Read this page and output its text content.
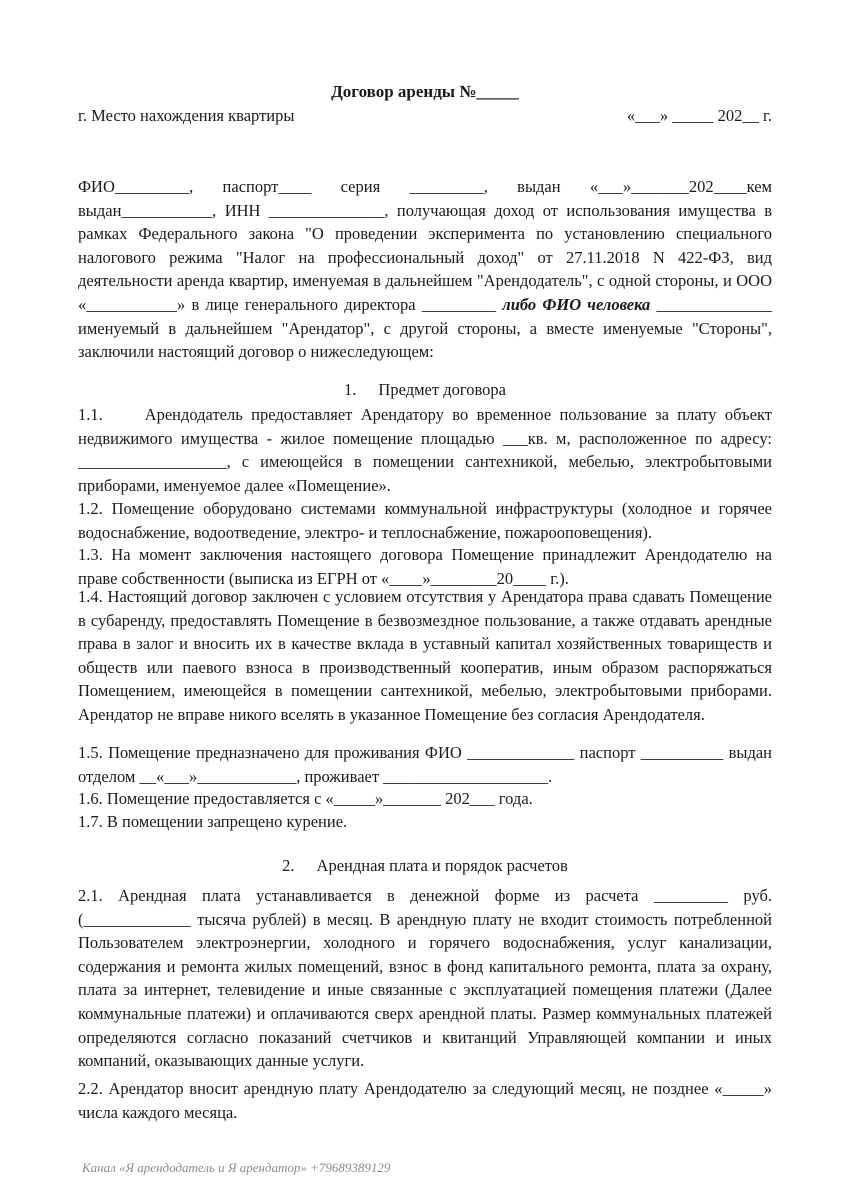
Договор аренды №_____
г. Место нахождения квартиры	«___» _____ 202__ г.
ФИО_________, паспорт____ серия _________, выдан «___»_______202____кем выдан___________, ИНН ______________, получающая доход от использования имущества в рамках Федерального закона "О проведении эксперимента по установлению специального налогового режима "Налог на профессиональный доход" от 27.11.2018 N 422-ФЗ, вид деятельности аренда квартир, именуемая в дальнейшем "Арендодатель", с одной стороны, и ООО «___________» в лице генерального директора _________ либо ФИО человека ______________ именуемый в дальнейшем "Арендатор", с другой стороны, а вместе именуемые "Стороны", заключили настоящий договор о нижеследующем:
1. Предмет договора
1.1.	Арендодатель предоставляет Арендатору во временное пользование за плату объект недвижимого имущества - жилое помещение площадью ___кв. м, расположенное по адресу: __________________, с имеющейся в помещении сантехникой, мебелью, электробытовыми приборами, именуемое далее «Помещение».
1.2. Помещение оборудовано системами коммунальной инфраструктуры (холодное и горячее водоснабжение, водоотведение, электро- и теплоснабжение, пожарооповещения).
1.3. На момент заключения настоящего договора Помещение принадлежит Арендодателю на праве собственности (выписка из ЕГРН от «____»________20____ г.).
1.4. Настоящий договор заключен с условием отсутствия у Арендатора права сдавать Помещение в субаренду, предоставлять Помещение в безвозмездное пользование, а также отдавать арендные права в залог и вносить их в качестве вклада в уставный капитал хозяйственных товариществ и обществ или паевого взноса в производственный кооператив, иным образом распоряжаться Помещением, имеющейся в помещении сантехникой, мебелью, электробытовыми приборами. Арендатор не вправе никого вселять в указанное Помещение без согласия Арендодателя.
1.5. Помещение предназначено для проживания ФИО _____________ паспорт __________ выдан отделом __«___»____________, проживает ____________________.
1.6. Помещение предоставляется с «_____»_______ 202___ года.
1.7. В помещении запрещено курение.
2. Арендная плата и порядок расчетов
2.1. Арендная плата устанавливается в денежной форме из расчета _________ руб. (_____________ тысяча рублей) в месяц. В арендную плату не входит стоимость потребленной Пользователем электроэнергии, холодного и горячего водоснабжения, услуг канализации, содержания и ремонта жилых помещений, взнос в фонд капитального ремонта, плата за охрану, плата за интернет, телевидение и иные связанные с эксплуатацией помещения платежи (Далее коммунальные платежи) и оплачиваются сверх арендной платы. Размер коммунальных платежей определяются согласно показаний счетчиков и квитанций Управляющей компании и иных компаний, оказывающих данные услуги.
2.2. Арендатор вносит арендную плату Арендодателю за следующий месяц, не позднее «_____» числа каждого месяца.
Канал «Я арендодатель и Я арендатор» +79689389129
